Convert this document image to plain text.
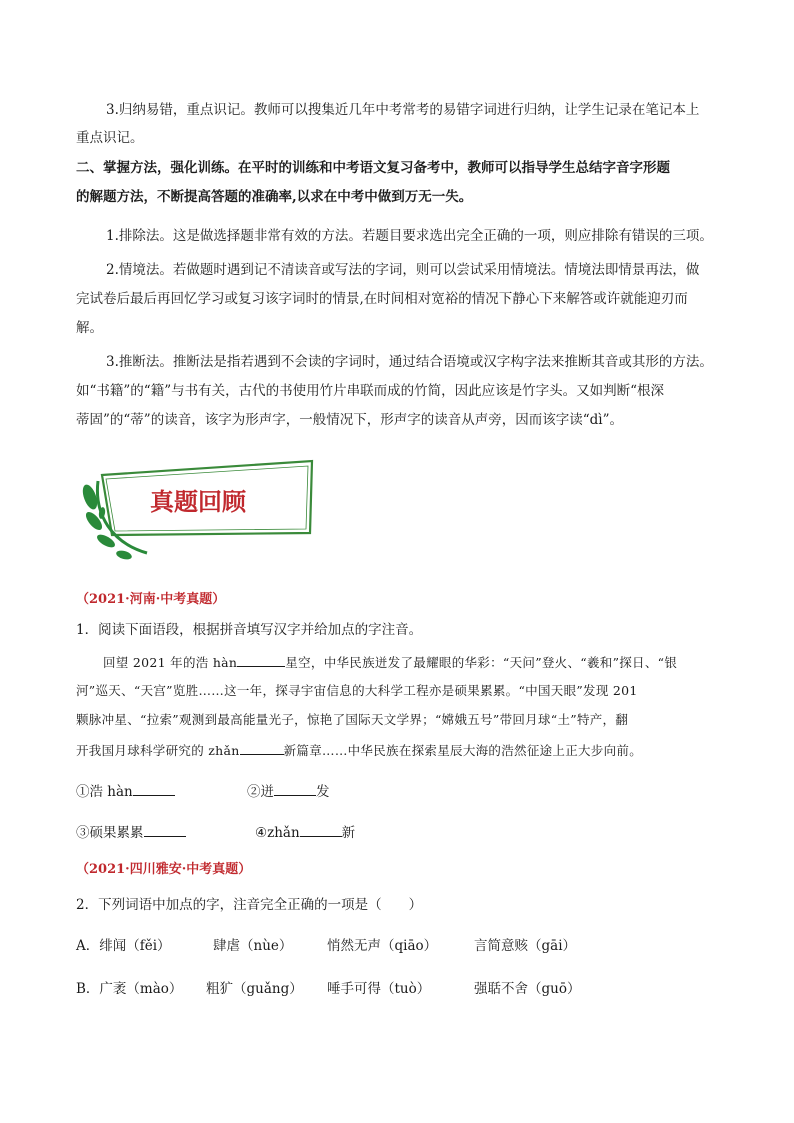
3.归纳易错，重点识记。教师可以搜集近几年中考常考的易错字词进行归纳，让学生记录在笔记本上
重点识记。
二、掌握方法，强化训练。在平时的训练和中考语文复习备考中，教师可以指导学生总结字音字形题
的解题方法，不断提高答题的准确率,以求在中考中做到万无一失。
1.排除法。这是做选择题非常有效的方法。若题目要求选出完全正确的一项，则应排除有错误的三项。
2.情境法。若做题时遇到记不清读音或写法的字词，则可以尝试采用情境法。情境法即情景再法，做
完试卷后最后再回忆学习或复习该字词时的情景,在时间相对宽裕的情况下静心下来解答或许就能迎刃而
解。
3.推断法。推断法是指若遇到不会读的字词时，通过结合语境或汉字构字法来推断其音或其形的方法。
如“书籍”的“籍”与书有关，古代的书使用竹片串联而成的竹简，因此应该是竹字头。又如判断“根深
蒂固”的“蒂”的读音，该字为形声字，一般情况下，形声字的读音从声旁，因而该字读“dì”。
真题回顾
（2021·河南·中考真题）
1．阅读下面语段，根据拼音填写汉字并给加点的字注音。
回望 2021 年的浩 hàn	星空，中华民族迸发了最耀眼的华彩：“天问”登火、“羲和”探日、“银
河”巡天、“天宫”览胜……这一年，探寻宇宙信息的大科学工程亦是硕果累累。“中国天眼”发现 201
颗脉冲星、“拉索”观测到最高能量光子，惊艳了国际天文学界；“嫦娥五号”带回月球“土”特产，翻
开我国月球科学研究的 zhǎn	新篇章……中华民族在探索星辰大海的浩然征途上正大步向前。
①浩 hàn	②迸	发
③硕果累累	④zhǎn	新
（2021·四川雅安·中考真题）
2．下列词语中加点的字，注音完全正确的一项是（　　）
A．绯闻（fěi）	肆虐（nùe）	悄然无声（qiāo）	言简意赅（gāi）
B．广袤（mào） 粗犷（guǎng） 唾手可得（tuò）	强聒不舍（guō）
